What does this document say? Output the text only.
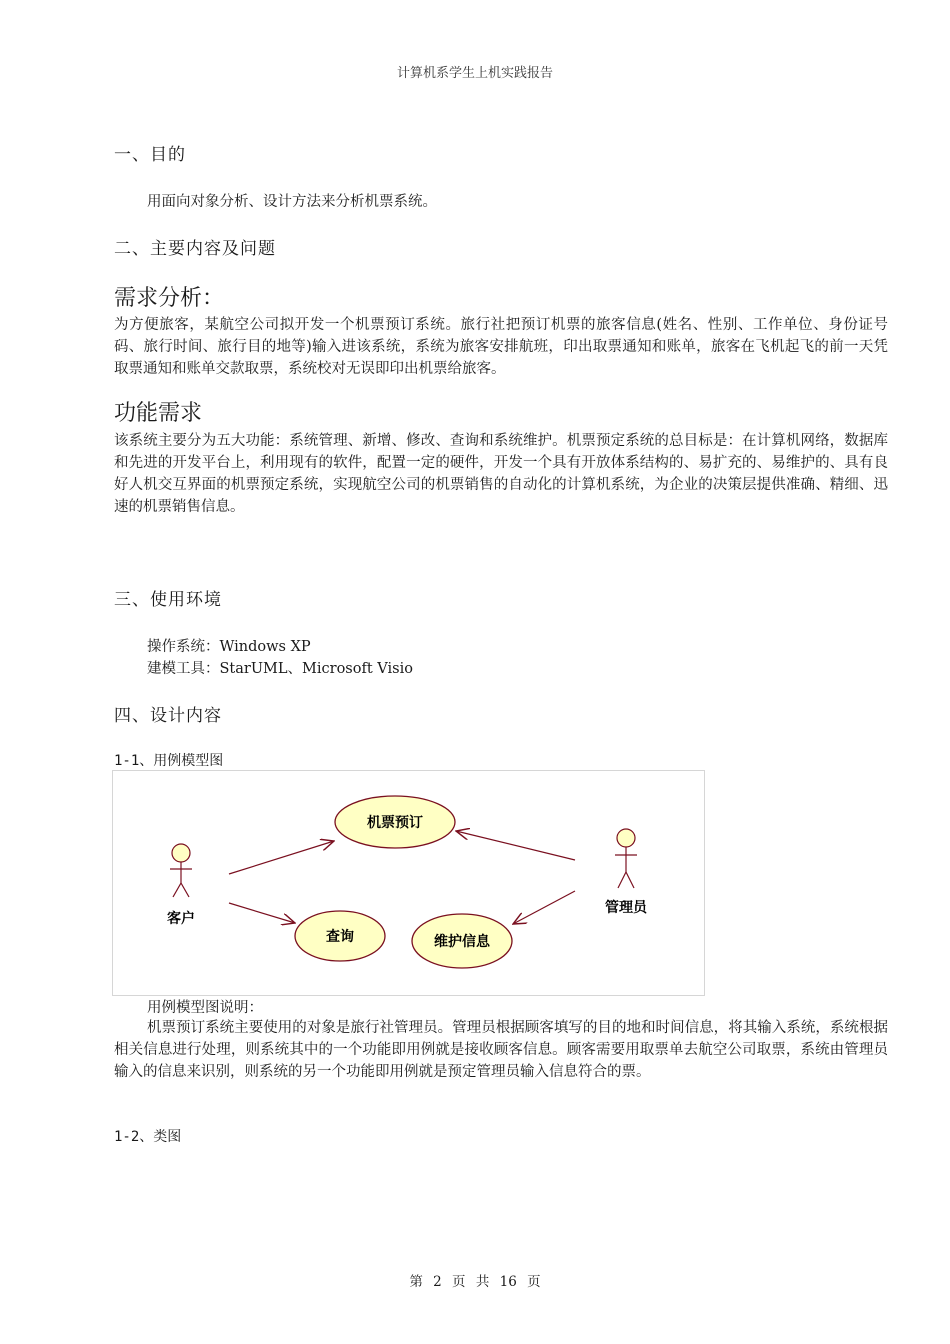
计算机系学生上机实践报告
一、目的
用面向对象分析、设计方法来分析机票系统。
二、主要内容及问题
需求分析：
为方便旅客，某航空公司拟开发一个机票预订系统。旅行社把预订机票的旅客信息(姓名、性别、工作单位、身份证号码、旅行时间、旅行目的地等)输入进该系统，系统为旅客安排航班，印出取票通知和账单，旅客在飞机起飞的前一天凭取票通知和账单交款取票，系统校对无误即印出机票给旅客。
功能需求
该系统主要分为五大功能：系统管理、新增、修改、查询和系统维护。机票预定系统的总目标是：在计算机网络，数据库和先进的开发平台上，利用现有的软件，配置一定的硬件，开发一个具有开放体系结构的、易扩充的、易维护的、具有良好人机交互界面的机票预定系统，实现航空公司的机票销售的自动化的计算机系统，为企业的决策层提供准确、精细、迅速的机票销售信息。
三、使用环境
操作系统：Windows XP
建模工具：StarUML、Microsoft Visio
四、设计内容
1-1、用例模型图
客户
管理员
机票预订
查询	维护信息
用例模型图说明：
机票预订系统主要使用的对象是旅行社管理员。管理员根据顾客填写的目的地和时间信息，将其输入系统，系统根据相关信息进行处理，则系统其中的一个功能即用例就是接收顾客信息。顾客需要用取票单去航空公司取票，系统由管理员输入的信息来识别，则系统的另一个功能即用例就是预定管理员输入信息符合的票。
1-2、类图
第 2 页 共 16 页
